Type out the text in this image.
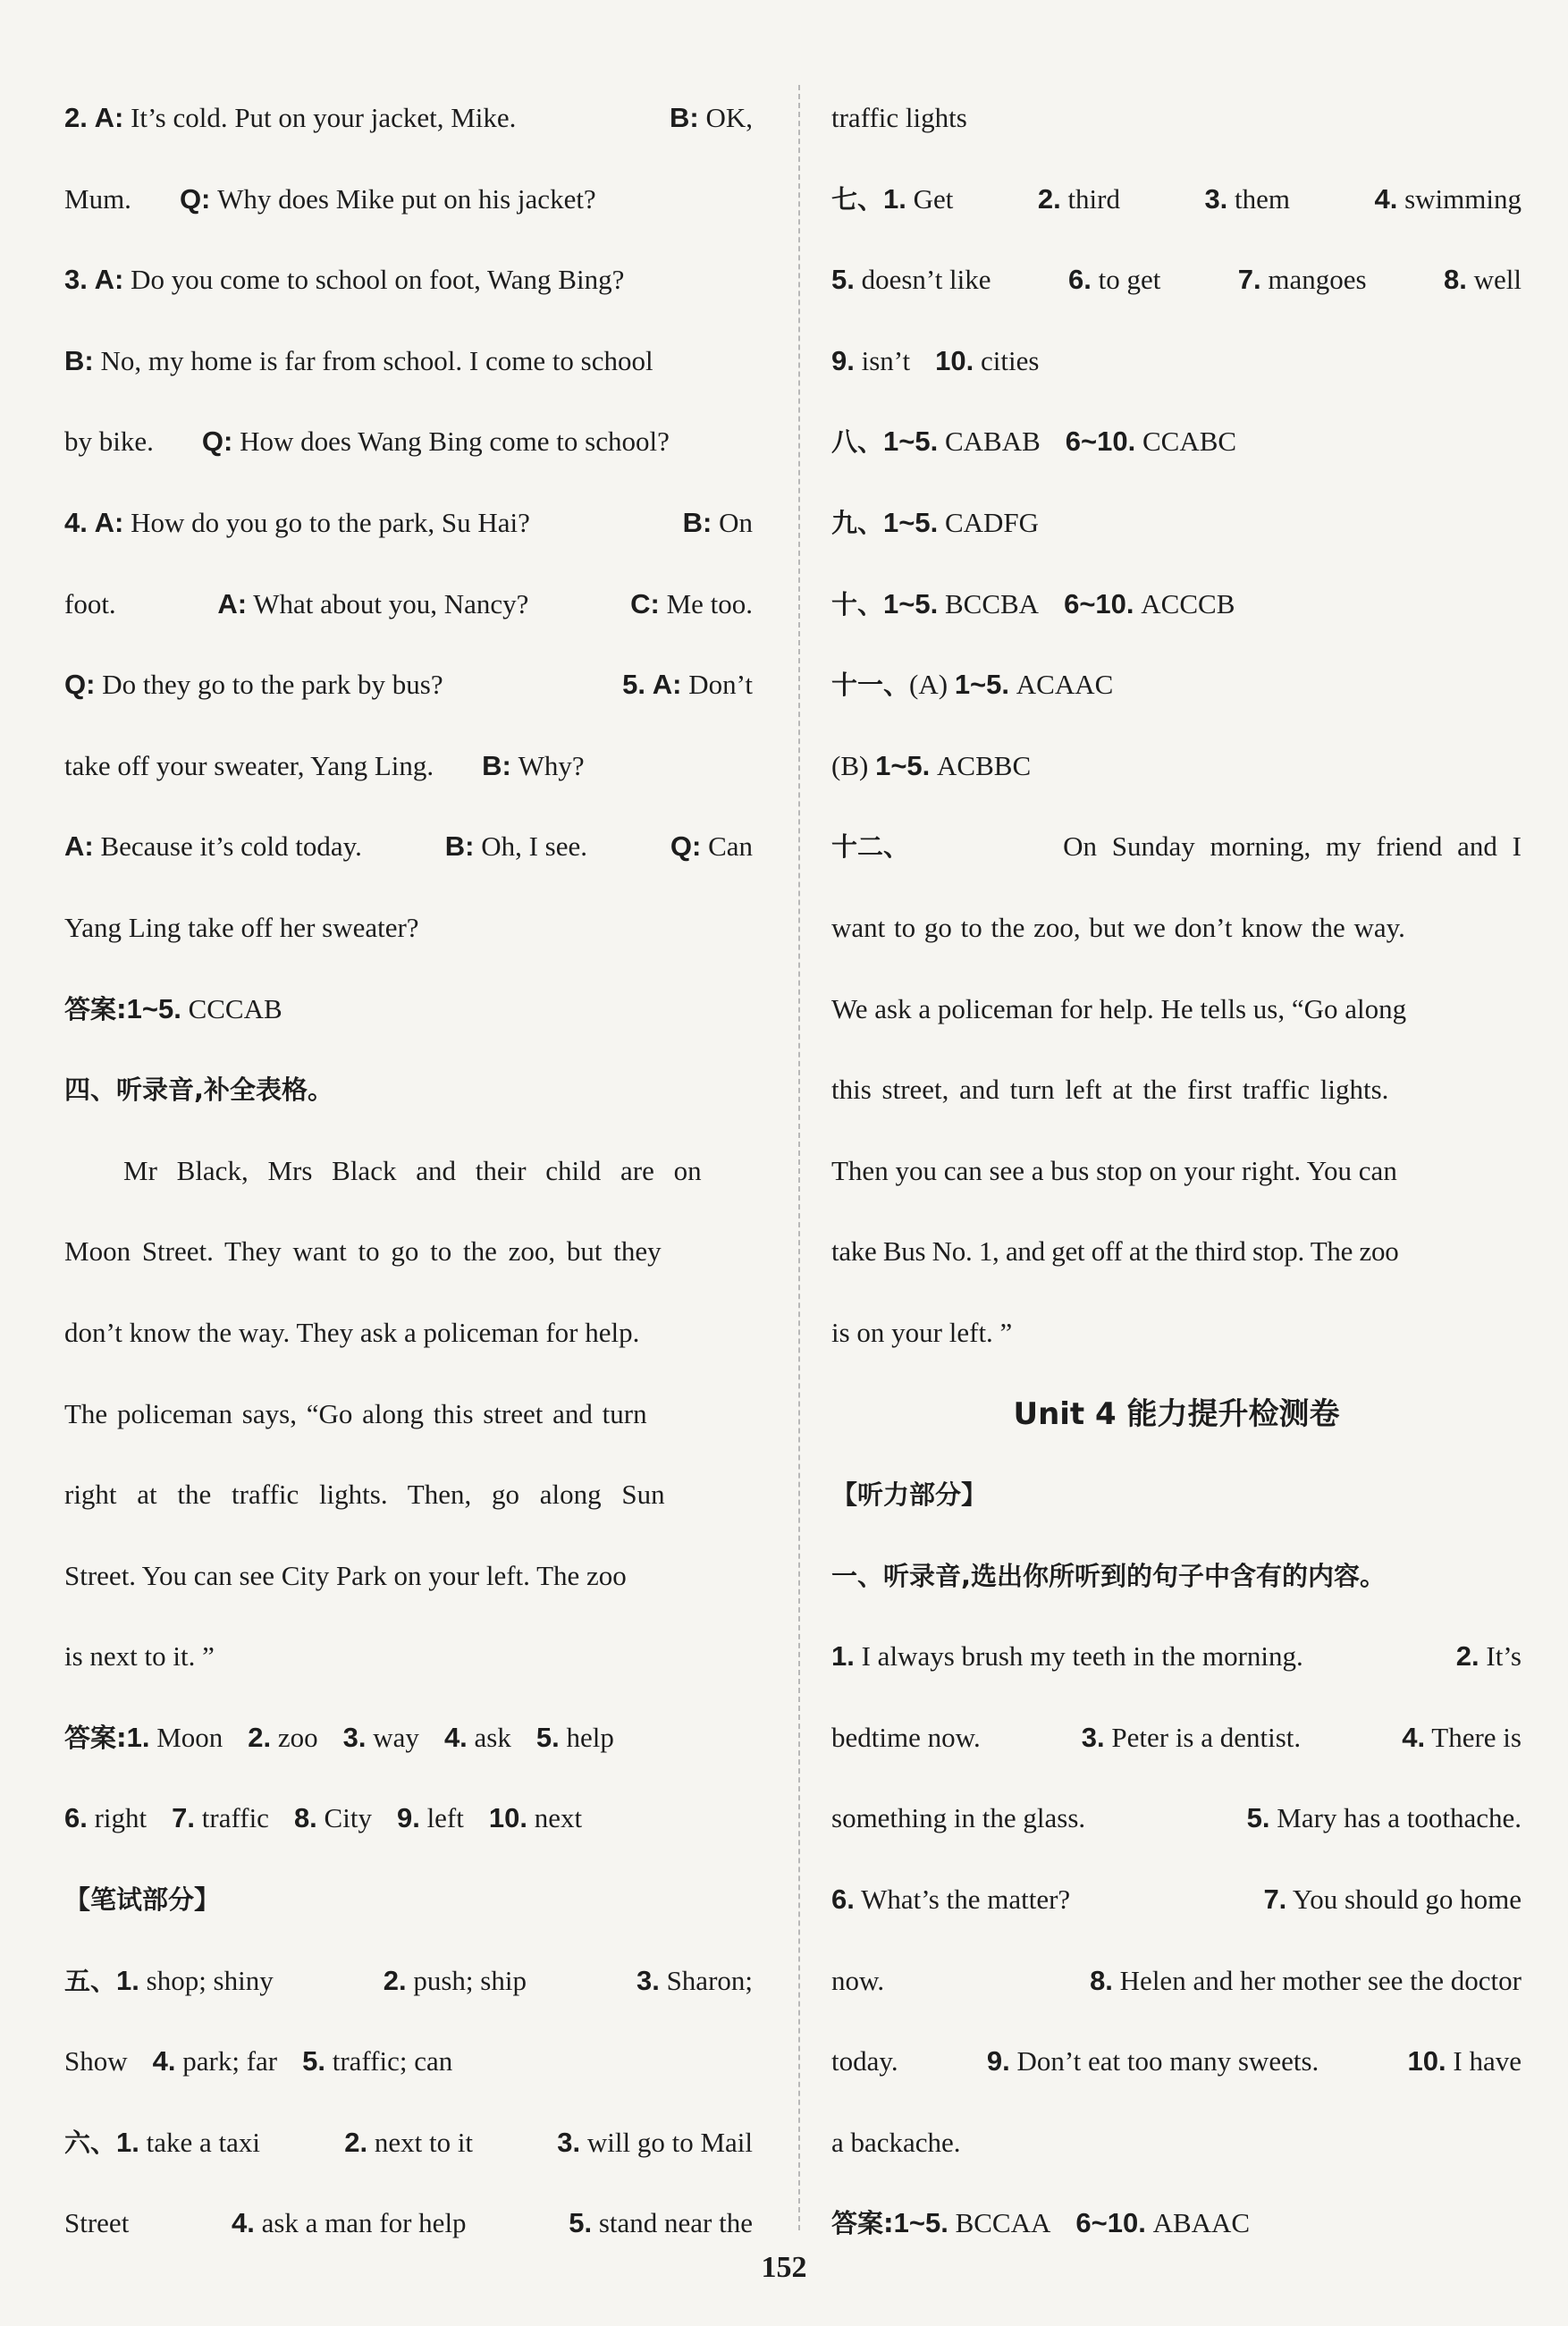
2. A: It’s cold. Put on your jacket, Mike.	B: OK,
Mum. Q:
Why does Mike put on his jacket?
3.
A:
Do you come to school on foot, Wang Bing?
B:
No, my home is far from school. I come to school
by bike. Q:
How does Wang Bing come to school?
4. A: How do you go to the park, Su Hai?	B: On
foot.	A: What about you, Nancy?	C: Me too.
Q: Do they go to the park by bus?	5. A: Don’t
take off your sweater, Yang Ling. B:
Why?
A: Because it’s cold today.	B: Oh, I see.	Q: Can
Yang Ling take off her sweater?
答案: 1~5.
CCCAB
四、听录音,补全表格。
Mr Black, Mrs Black and their child are on
Moon Street. They want to go to the zoo, but they
don’t know the way. They ask a policeman for help.
The policeman says, “Go along this street and turn
right at the traffic lights. Then, go along Sun
Street. You can see City Park on your left. The zoo
is next to it. ”
答案: 1.
Moon 2.
zoo 3.
way 4.
ask 5.
help
6.
right 7.
traffic 8.
City 9.
left 10.
next
【笔试部分】
五、1. shop; shiny	2. push; ship	3. Sharon;
Show 4.
park; far 5.
traffic; can
六、1. take a taxi	2. next to it	3. will go to Mail
Street	4. ask a man for help	5. stand near the
traffic lights
七、1. Get	2. third	3. them	4. swimming
5. doesn’t like	6. to get	7. mangoes	8. well
9.
isn’t 10.
cities
八、 1~5.
CABAB 6~10.
CCABC
九、 1~5.
CADFG
十、 1~5.
BCCBA 6~10.
ACCCB
十一、 (A)
1~5.
ACAAC
(B)
1~5.
ACBBC
十二、	On Sunday morning, my friend and I
want to go to the zoo, but we don’t know the way.
We ask a policeman for help. He tells us, “Go along
this street, and turn left at the first traffic lights.
Then you can see a bus stop on your right. You can
take Bus No. 1, and get off at the third stop. The zoo
is on your left. ”
Unit 4 能力提升检测卷
【听力部分】
一、听录音,选出你所听到的句子中含有的内容。
1. I always brush my teeth in the morning.	2. It’s
bedtime now.	3. Peter is a dentist.	4. There is
something in the glass.	5. Mary has a toothache.
6. What’s the matter?	7. You should go home
now.	8. Helen and her mother see the doctor
today.	9. Don’t eat too many sweets.	10. I have
a backache.
答案: 1~5.
BCCAA 6~10.
ABAAC
152
